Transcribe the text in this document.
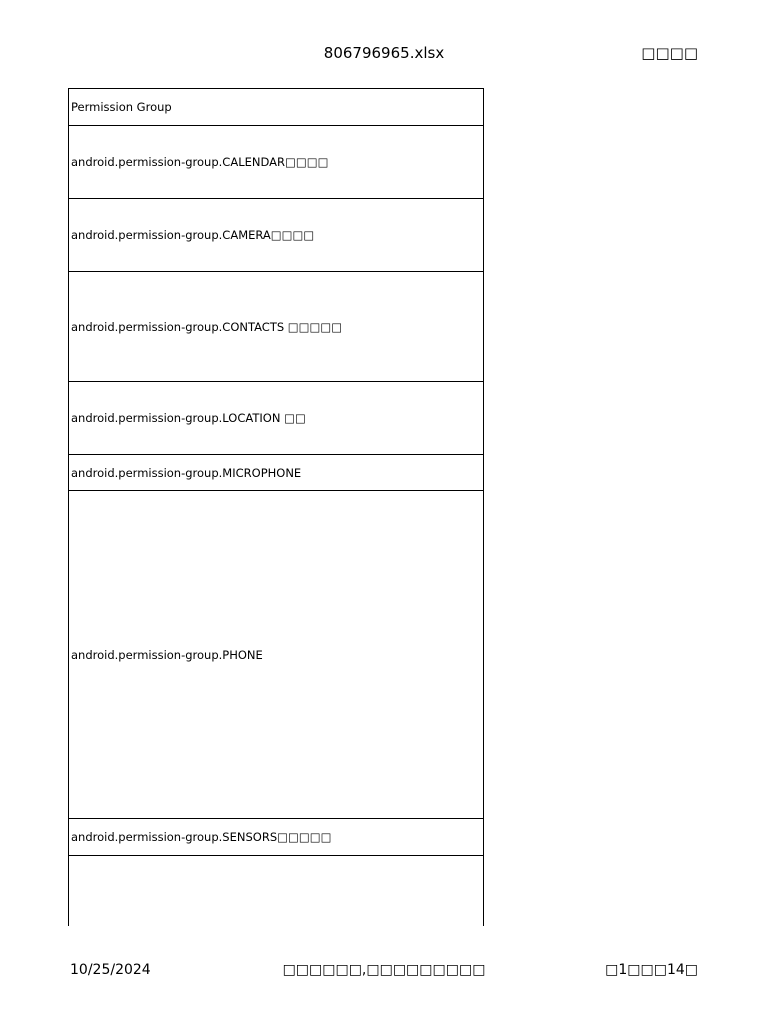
806796965.xlsx	□□□□
Permission Group
android.permission-group.CALENDAR□□□□
android.permission-group.CAMERA□□□□
android.permission-group.CONTACTS □□□□□
android.permission-group.LOCATION □□
android.permission-group.MICROPHONE
android.permission-group.PHONE
android.permission-group.SENSORS□□□□□

10/25/2024	□□□□□□,□□□□□□□□□	□1□□□14□
